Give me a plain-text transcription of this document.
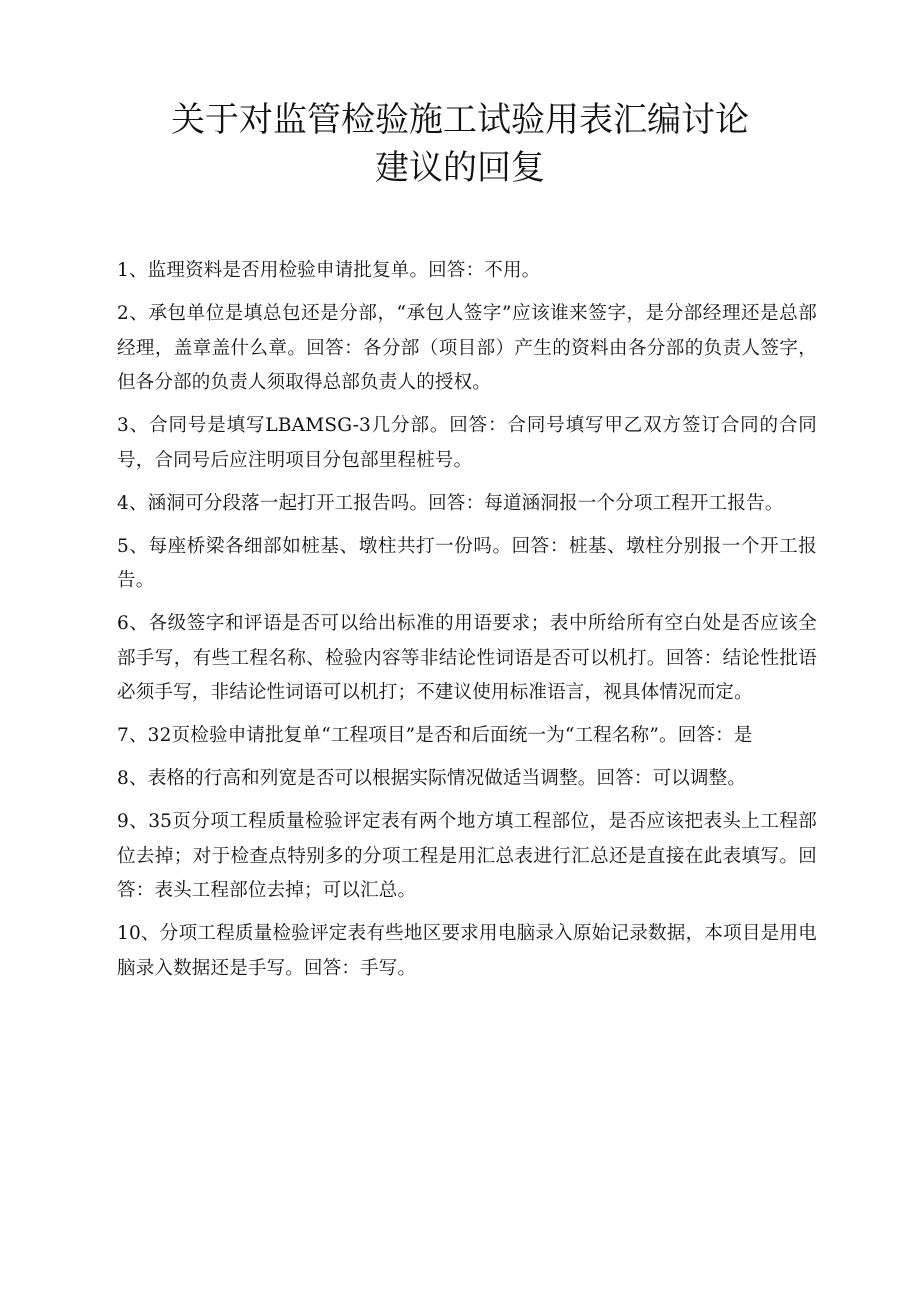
关于对监管检验施工试验用表汇编讨论
建议的回复
1、监理资料是否用检验申请批复单。回答：不用。
2、承包单位是填总包还是分部，“承包人签字”应该谁来签字，是分部经理还是总部经理，盖章盖什么章。回答：各分部（项目部）产生的资料由各分部的负责人签字，但各分部的负责人须取得总部负责人的授权。
3、合同号是填写LBAMSG-3几分部。回答：合同号填写甲乙双方签订合同的合同号，合同号后应注明项目分包部里程桩号。
4、涵洞可分段落一起打开工报告吗。回答：每道涵洞报一个分项工程开工报告。
5、每座桥梁各细部如桩基、墩柱共打一份吗。回答：桩基、墩柱分别报一个开工报告。
6、各级签字和评语是否可以给出标准的用语要求；表中所给所有空白处是否应该全部手写，有些工程名称、检验内容等非结论性词语是否可以机打。回答：结论性批语必须手写，非结论性词语可以机打；不建议使用标准语言，视具体情况而定。
7、32页检验申请批复单“工程项目”是否和后面统一为“工程名称”。回答：是
8、表格的行高和列宽是否可以根据实际情况做适当调整。回答：可以调整。
9、35页分项工程质量检验评定表有两个地方填工程部位，是否应该把表头上工程部位去掉；对于检查点特别多的分项工程是用汇总表进行汇总还是直接在此表填写。回答：表头工程部位去掉；可以汇总。
10、分项工程质量检验评定表有些地区要求用电脑录入原始记录数据，本项目是用电脑录入数据还是手写。回答：手写。
